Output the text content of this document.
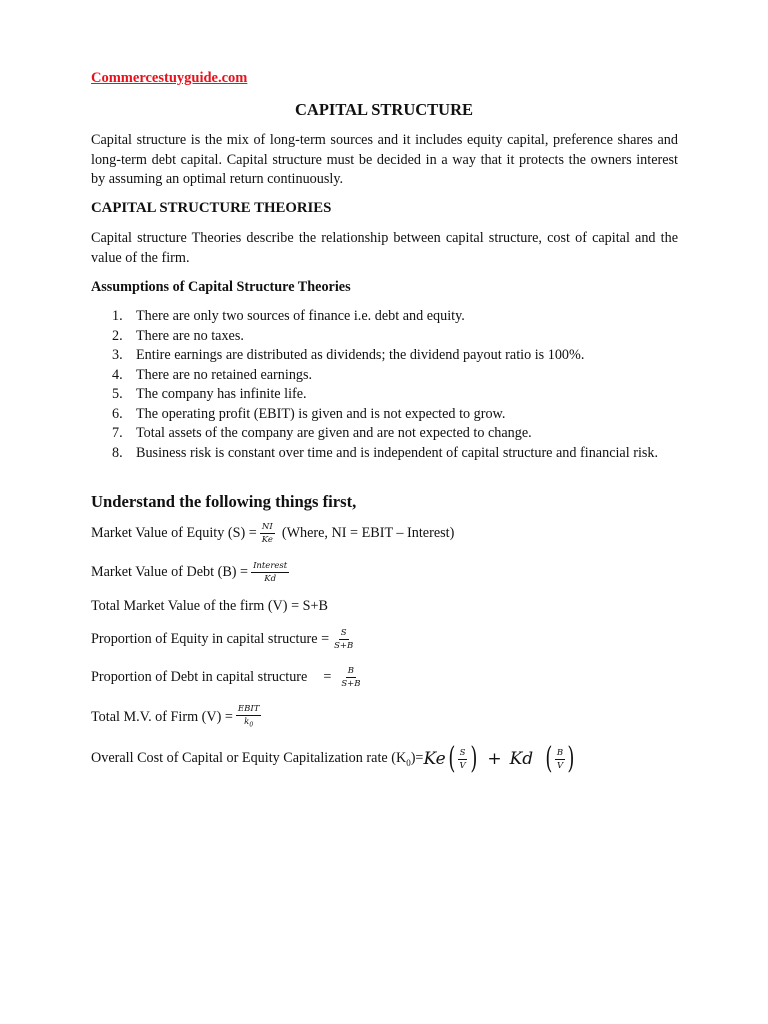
Commercestuyguide.com
CAPITAL STRUCTURE

Capital structure is the mix of long-term sources and it includes equity capital, preference shares and long-term debt capital. Capital structure must be decided in a way that it protects the owners interest by assuming an optimal return continuously.

CAPITAL STRUCTURE THEORIES

Capital structure Theories describe the relationship between capital structure, cost of capital and the value of the firm.

Assumptions of Capital Structure Theories
1. There are only two sources of finance i.e. debt and equity.
2. There are no taxes.
3. Entire earnings are distributed as dividends; the dividend payout ratio is 100%.
4. There are no retained earnings.
5. The company has infinite life.
6. The operating profit (EBIT) is given and is not expected to grow.
7. Total assets of the company are given and are not expected to change.
8. Business risk is constant over time and is independent of capital structure and financial risk.
Understand the following things first,
Market Value of Equity $(S) = \frac{NI}{Ke}$ (Where, NI = EBIT – Interest)
Market Value of Debt $(B) = \frac{\text{Interest}}{Kd}$
Total Market Value of the firm (V) = S+B
Proportion of Equity in capital structure = $\frac{S}{S+B}$
Proportion of Debt in capital structure = $\frac{B}{S+B}$
Total M.V. of Firm $(V) = \frac{\text{EBIT}}{k_0}$
Overall Cost of Capital or Equity Capitalization rate $(K_0)= Ke$ ( $\frac{S}{V}$ ) + Kd ( $\frac{B}{V}$ )
